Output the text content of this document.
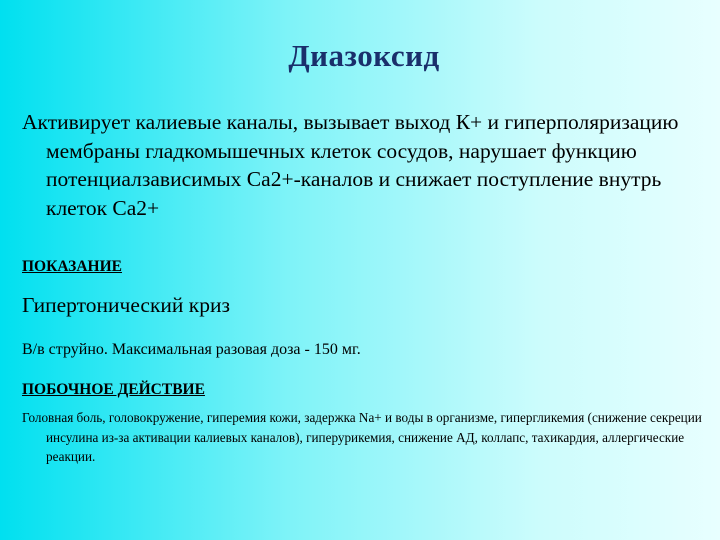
Диазоксид

Активирует калиевые каналы, вызывает выход К+ и гиперполяризацию мембраны гладкомышечных клеток сосудов, нарушает функцию потенциалзависимых Са2+-каналов и снижает поступление внутрь клеток Са2+

ПОКАЗАНИЕ

Гипертонический криз

В/в струйно. Максимальная разовая доза - 150 мг.

ПОБОЧНОЕ ДЕЙСТВИЕ

Головная боль, головокружение, гиперемия кожи, задержка Na+ и воды в организме, гипергликемия (снижение секреции инсулина из-за активации калиевых каналов), гиперурикемия, снижение АД, коллапс, тахикардия, аллергические реакции.
